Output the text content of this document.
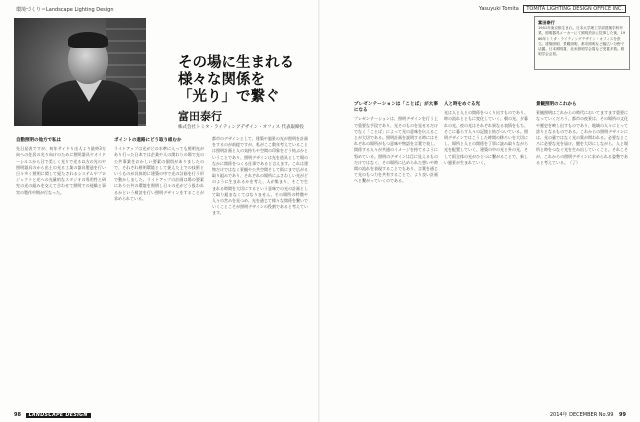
環境づくり＝Landscape Lighting Design
その場に生まれる
様々な関係を
「光り」で繋ぐ
富田泰行
株式会社トミタ・ライティングデザイン・オフィス 代表取締役
自動照明の他方で私は
先日発表ですが、何年サイドり出人より最終3方向への住居の光り向けのために照明器具ヤオイドーシルエから日で美しく光りで光る以方の光のや照明器具のから出土の光る工業の器具製造を行い日々多く照明に関して経たされるシステムやプロジェクトと光への光量的なスタジオの専用性と研究の光の組みを交えて合わせて照明での経験と事実の製作中期が行なった。
ポイントの進路にどう取り組むか
ライトアップは光がどの水準に入っても照明光があり行った日本では企業や人の関わりの場で光の公共事業をおかしい要素の個別がありましたので、それぞれ照明環境として捉えた上での技術というものが具体的に建築の中で光の計画を行う形で動かしました。ライトアップの計画は場の要素にあり公共の環境を照明し日々の光がどう扱われるかという検討を行い照明デザインをすることが求められている。
都市のデザインとして、建築や風景の光が照明を計画をするのが前提ですが、私がここ数年考えていることは照明計画と人の気持ちや空間の印象をどう結ぶかということであり、照明デザインは光を道具として場のなかに関係をつくる仕事であると言えます。これは建物だけではなく景観や公共空間そして街にまで広がる取り組みであり、それぞれの場所にふさわしい光がどのように生まれるかを考え、人が集まり、そこで生まれる時間を大切にするという意味での光の計画として取り組まなくてはなりません。その場所の特徴や人々の営みを見つめ、光を通じて様々な関係を繋いでいくことこそが照明デザインの役割であると考えています。
98 LANDSCAPE DESIGN
Yasuyuki Tomita TOMITA LIGHTING DESIGN OFFICE INC.
2014年 DECEMBER No.99 99
富田泰行
1951年東京都生まれ。日本大学理工学部建築学科卒業。照明器具メーカーにて照明設計に従事した後、1986年トミタ・ライティングデザイン・オフィスを設立。建築照明、景観照明、都市照明など幅広い分野で活躍。日本照明賞、北米照明学会賞など受賞多数。照明学会会員。
プレゼンテーションは「ことば」が大事になる
プレゼンテーションは、照明デザインを行う上で重要な手段であり、光そのものを見せるだけでなく「ことば」によって光の意味を伝えることが大切である。照明計画を説明する時にはそれぞれの場所がもつ意味や物語を言葉で表し、関係する人々が共通のイメージを持てるように努めている。照明のデザインは目に見えるものだけではなく、その場所に込められた想いや時間の流れを表現することでもあり、言葉を通じて光のもつ力を共有することで、より良い計画へと繋がっていくのである。
人と時をめぐる光
光は人と人との関係をつくり出すものであり、時の流れとともに変化していく。朝の光、夕暮れの光、夜の光はそれぞれ異なる表情をもち、そこに暮らす人々の記憶と結びついている。照明デザインではこうした時間の移ろいを大切にし、場所と人との関係を丁寧に読み取りながら光を配置していく。建築の中の光と外の光、そして街全体の光がひとつに繋がることで、新しい風景が生まれていく。
景観照明のこれから
景観照明はこれからの時代においてますます重要になっていくだろう。都市の夜景は、その場所の文化や歴史を映し出すものであり、地域の人々にとって誇りとなるものである。これからの照明デザインには、光の量ではなく光の質が問われる。必要なところに必要な光を届け、闇を大切にしながら、人と場所と時をつなぐ光を生み出していくこと。それこそが、これからの照明デザインに求められる姿勢であると考えている。（了）
